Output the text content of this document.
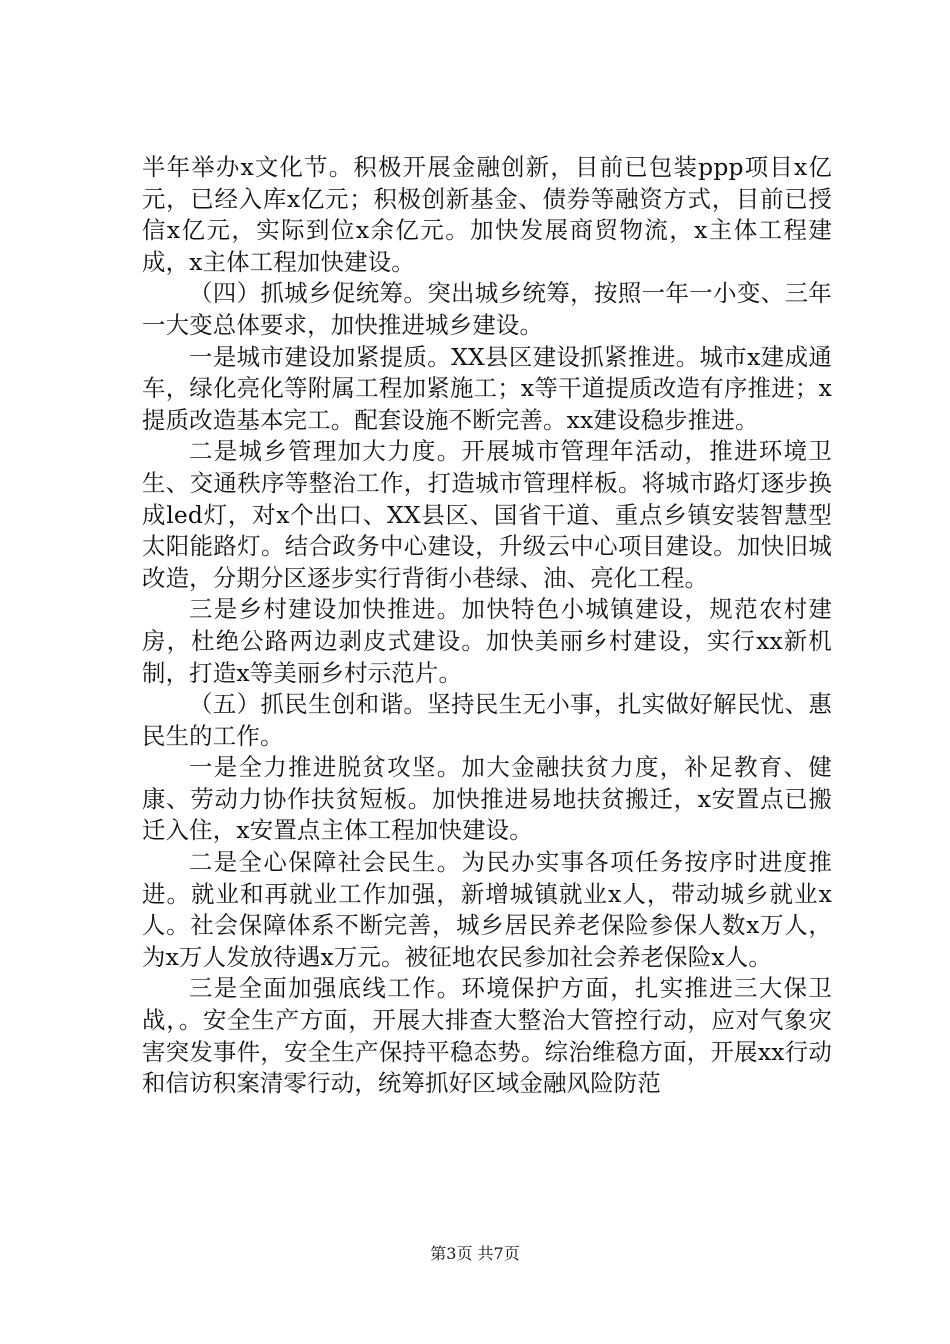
半年举办x文化节。积极开展金融创新，目前已包装ppp项目x亿元，已经入库x亿元；积极创新基金、债券等融资方式，目前已授信x亿元，实际到位x余亿元。加快发展商贸物流，x主体工程建成，x主体工程加快建设。

（四）抓城乡促统筹。突出城乡统筹，按照一年一小变、三年一大变总体要求，加快推进城乡建设。

一是城市建设加紧提质。XX县区建设抓紧推进。城市x建成通车，绿化亮化等附属工程加紧施工；x等干道提质改造有序推进；x提质改造基本完工。配套设施不断完善。xx建设稳步推进。

二是城乡管理加大力度。开展城市管理年活动，推进环境卫生、交通秩序等整治工作，打造城市管理样板。将城市路灯逐步换成led灯，对x个出口、XX县区、国省干道、重点乡镇安装智慧型太阳能路灯。结合政务中心建设，升级云中心项目建设。加快旧城改造，分期分区逐步实行背街小巷绿、油、亮化工程。

三是乡村建设加快推进。加快特色小城镇建设，规范农村建房，杜绝公路两边剥皮式建设。加快美丽乡村建设，实行xx新机制，打造x等美丽乡村示范片。

（五）抓民生创和谐。坚持民生无小事，扎实做好解民忧、惠民生的工作。

一是全力推进脱贫攻坚。加大金融扶贫力度，补足教育、健康、劳动力协作扶贫短板。加快推进易地扶贫搬迁，x安置点已搬迁入住，x安置点主体工程加快建设。

二是全心保障社会民生。为民办实事各项任务按序时进度推进。就业和再就业工作加强，新增城镇就业x人，带动城乡就业x人。社会保障体系不断完善，城乡居民养老保险参保人数x万人，为x万人发放待遇x万元。被征地农民参加社会养老保险x人。

三是全面加强底线工作。环境保护方面，扎实推进三大保卫战，。安全生产方面，开展大排查大整治大管控行动，应对气象灾害突发事件，安全生产保持平稳态势。综治维稳方面，开展xx行动和信访积案清零行动，统筹抓好区域金融风险防范

第3页 共7页
